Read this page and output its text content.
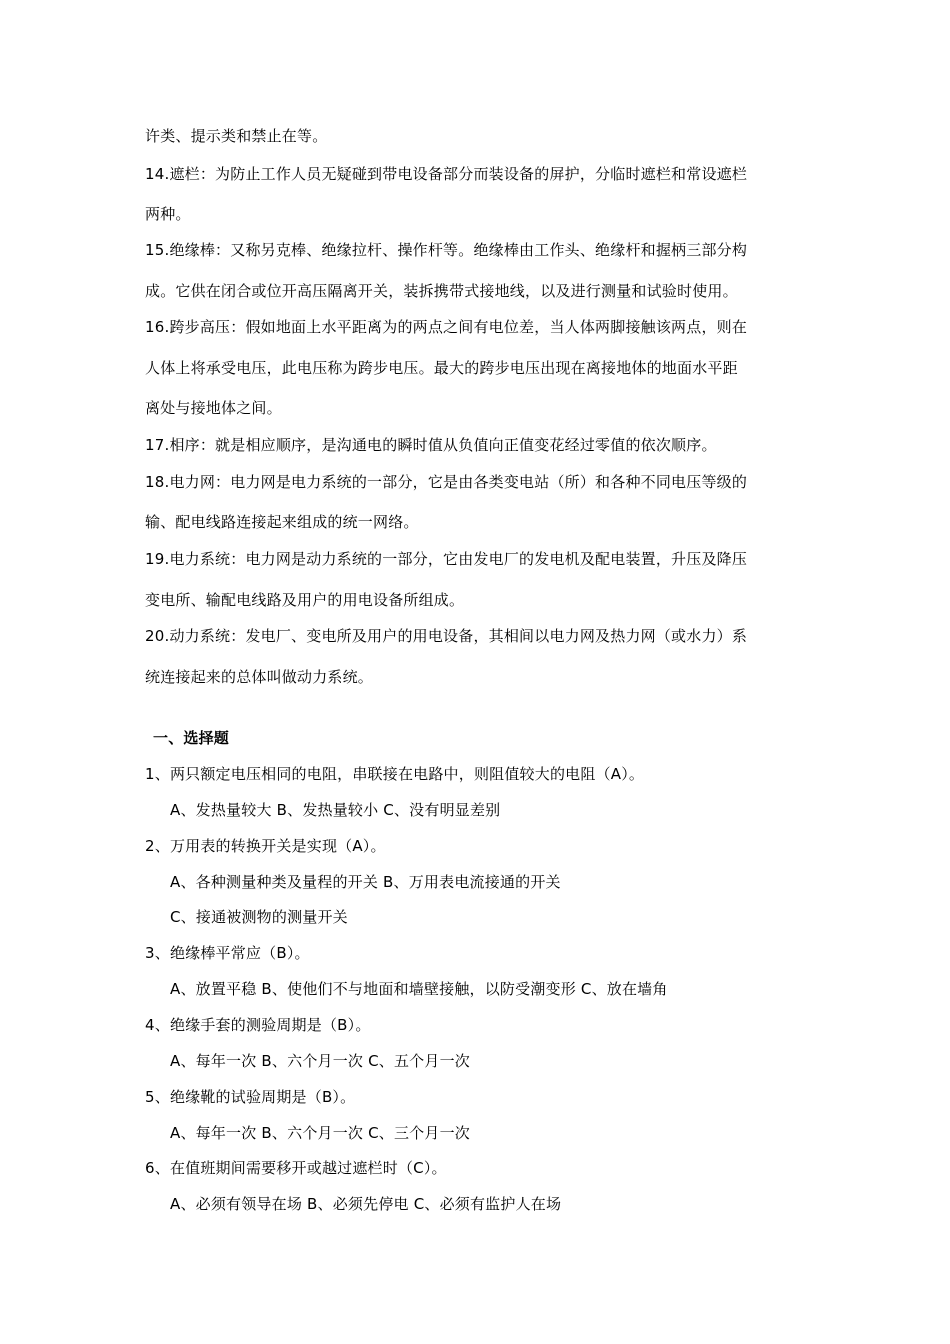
许类、提示类和禁止在等。
14.遮栏：为防止工作人员无疑碰到带电设备部分而装设备的屏护，分临时遮栏和常设遮栏
两种。
15.绝缘棒：又称另克棒、绝缘拉杆、操作杆等。绝缘棒由工作头、绝缘杆和握柄三部分构
成。它供在闭合或位开高压隔离开关，装拆携带式接地线，以及进行测量和试验时使用。
16.跨步高压：假如地面上水平距离为的两点之间有电位差，当人体两脚接触该两点，则在
人体上将承受电压，此电压称为跨步电压。最大的跨步电压出现在离接地体的地面水平距
离处与接地体之间。
17.相序：就是相应顺序，是沟通电的瞬时值从负值向正值变花经过零值的依次顺序。
18.电力网：电力网是电力系统的一部分，它是由各类变电站（所）和各种不同电压等级的
输、配电线路连接起来组成的统一网络。
19.电力系统：电力网是动力系统的一部分，它由发电厂的发电机及配电装置，升压及降压
变电所、输配电线路及用户的用电设备所组成。
20.动力系统：发电厂、变电所及用户的用电设备，其相间以电力网及热力网（或水力）系
统连接起来的总体叫做动力系统。
一、选择题
1、两只额定电压相同的电阻，串联接在电路中，则阻值较大的电阻（A）。
A、发热量较大 B、发热量较小 C、没有明显差别
2、万用表的转换开关是实现（A）。
A、各种测量种类及量程的开关 B、万用表电流接通的开关
C、接通被测物的测量开关
3、绝缘棒平常应（B）。
A、放置平稳 B、使他们不与地面和墙壁接触，以防受潮变形 C、放在墙角
4、绝缘手套的测验周期是（B）。
A、每年一次 B、六个月一次 C、五个月一次
5、绝缘靴的试验周期是（B）。
A、每年一次 B、六个月一次 C、三个月一次
6、在值班期间需要移开或越过遮栏时（C）。
A、必须有领导在场 B、必须先停电 C、必须有监护人在场
